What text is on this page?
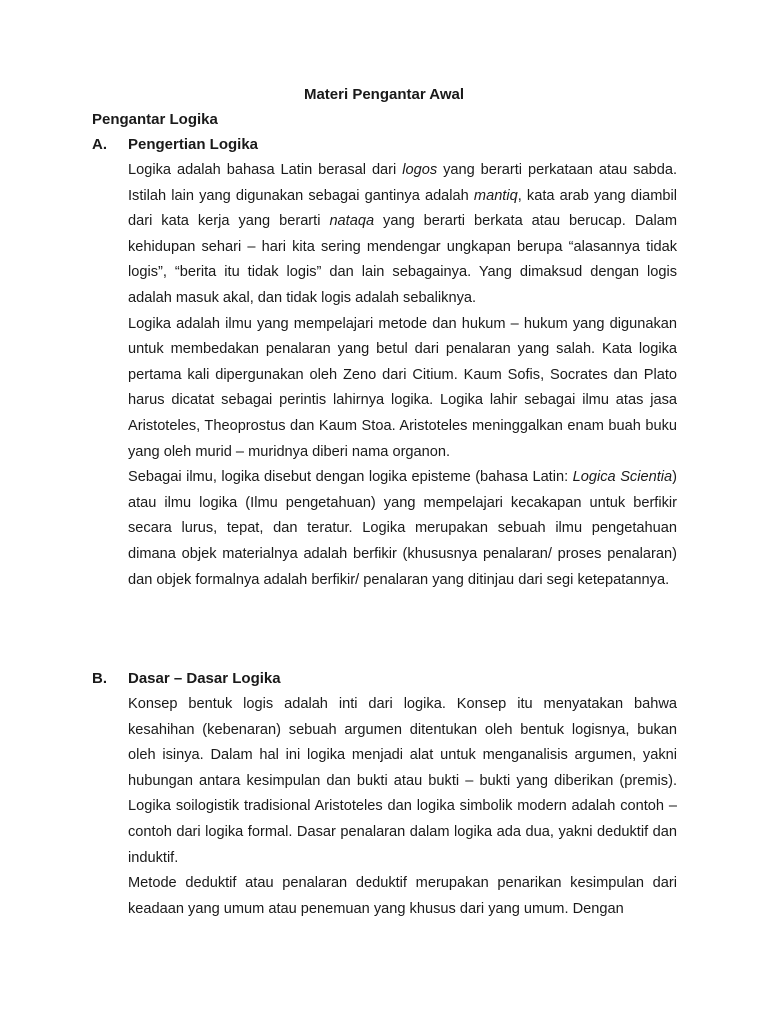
Materi Pengantar Awal
Pengantar Logika
A. Pengertian Logika

Logika adalah bahasa Latin berasal dari logos yang berarti perkataan atau sabda. Istilah lain yang digunakan sebagai gantinya adalah mantiq, kata arab yang diambil dari kata kerja yang berarti nataqa yang berarti berkata atau berucap. Dalam kehidupan sehari – hari kita sering mendengar ungkapan berupa “alasannya tidak logis”, “berita itu tidak logis” dan lain sebagainya. Yang dimaksud dengan logis adalah masuk akal, dan tidak logis adalah sebaliknya.

Logika adalah ilmu yang mempelajari metode dan hukum – hukum yang digunakan untuk membedakan penalaran yang betul dari penalaran yang salah. Kata logika pertama kali dipergunakan oleh Zeno dari Citium. Kaum Sofis, Socrates dan Plato harus dicatat sebagai perintis lahirnya logika. Logika lahir sebagai ilmu atas jasa Aristoteles, Theoprostus dan Kaum Stoa. Aristoteles meninggalkan enam buah buku yang oleh murid – muridnya diberi nama organon.

Sebagai ilmu, logika disebut dengan logika episteme (bahasa Latin: Logica Scientia) atau ilmu logika (Ilmu pengetahuan) yang mempelajari kecakapan untuk berfikir secara lurus, tepat, dan teratur. Logika merupakan sebuah ilmu pengetahuan dimana objek materialnya adalah berfikir (khususnya penalaran/ proses penalaran) dan objek formalnya adalah berfikir/ penalaran yang ditinjau dari segi ketepatannya.

B. Dasar – Dasar Logika

Konsep bentuk logis adalah inti dari logika. Konsep itu menyatakan bahwa kesahihan (kebenaran) sebuah argumen ditentukan oleh bentuk logisnya, bukan oleh isinya. Dalam hal ini logika menjadi alat untuk menganalisis argumen, yakni hubungan antara kesimpulan dan bukti atau bukti – bukti yang diberikan (premis). Logika soilogistik tradisional Aristoteles dan logika simbolik modern adalah contoh – contoh dari logika formal. Dasar penalaran dalam logika ada dua, yakni deduktif dan induktif.

Metode deduktif atau penalaran deduktif merupakan penarikan kesimpulan dari keadaan yang umum atau penemuan yang khusus dari yang umum. Dengan
